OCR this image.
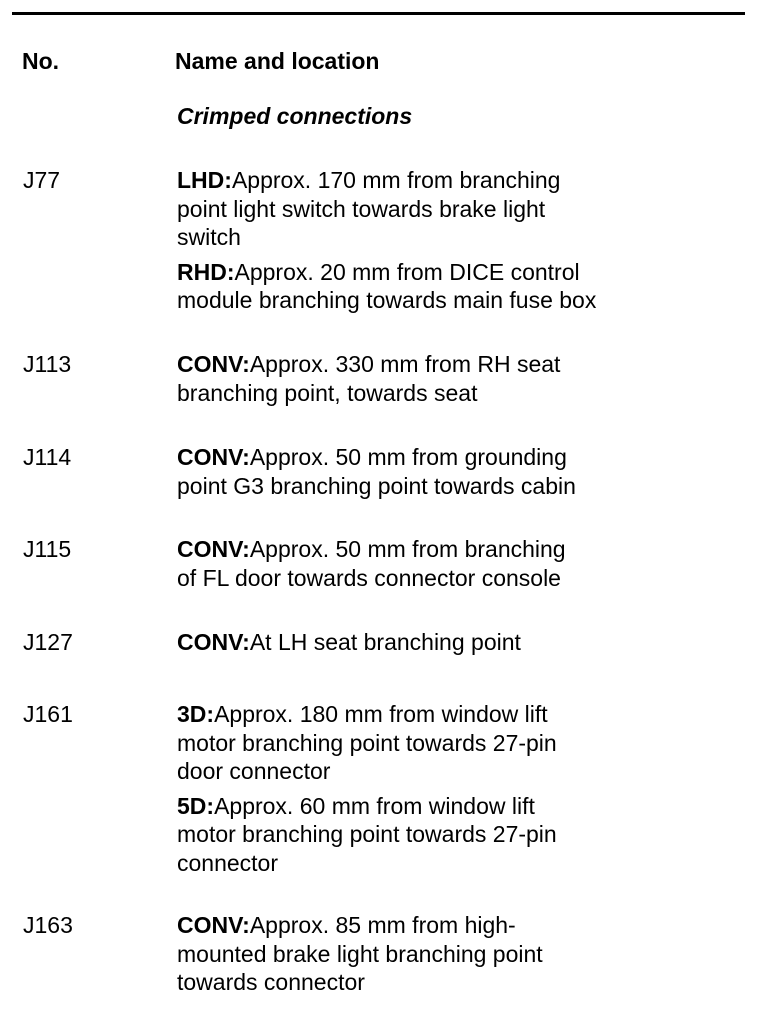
No.	Name and location
Crimped connections
J77	LHD:Approx. 170 mm from branching
point light switch towards brake light
switch
RHD:Approx. 20 mm from DICE control
module branching towards main fuse box
J113	CONV:Approx. 330 mm from RH seat
branching point, towards seat
J114	CONV:Approx. 50 mm from grounding
point G3 branching point towards cabin
J115	CONV:Approx. 50 mm from branching
of FL door towards connector console
J127	CONV:At LH seat branching point
J161	3D:Approx. 180 mm from window lift
motor branching point towards 27-pin
door connector
5D:Approx. 60 mm from window lift
motor branching point towards 27-pin
connector
J163	CONV:Approx. 85 mm from high-
mounted brake light branching point
towards connector
